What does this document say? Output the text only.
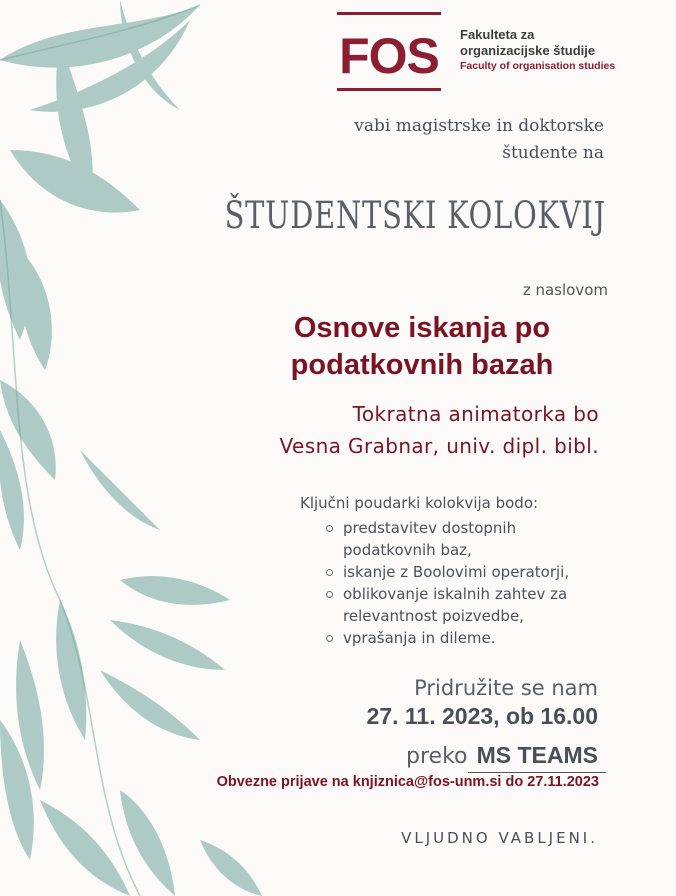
FOS Fakulteta za
organizacijske študije
Faculty of organisation studies
vabi magistrske in doktorske
študente na
ŠTUDENTSKI KOLOKVIJ
z naslovom
Osnove iskanja po
podatkovnih bazah
Tokratna animatorka bo
Vesna Grabnar, univ. dipl. bibl.
Ključni poudarki kolokvija bodo:
predstavitev dostopnih podatkovnih baz,
iskanje z Boolovimi operatorji,
oblikovanje iskalnih zahtev za relevantnost poizvedbe,
vprašanja in dileme.
Pridružite se nam
27. 11. 2023, ob 16.00
preko MS TEAMS
Obvezne prijave na knjiznica@fos-unm.si do 27.11.2023
VLJUDNO VABLJENI.
